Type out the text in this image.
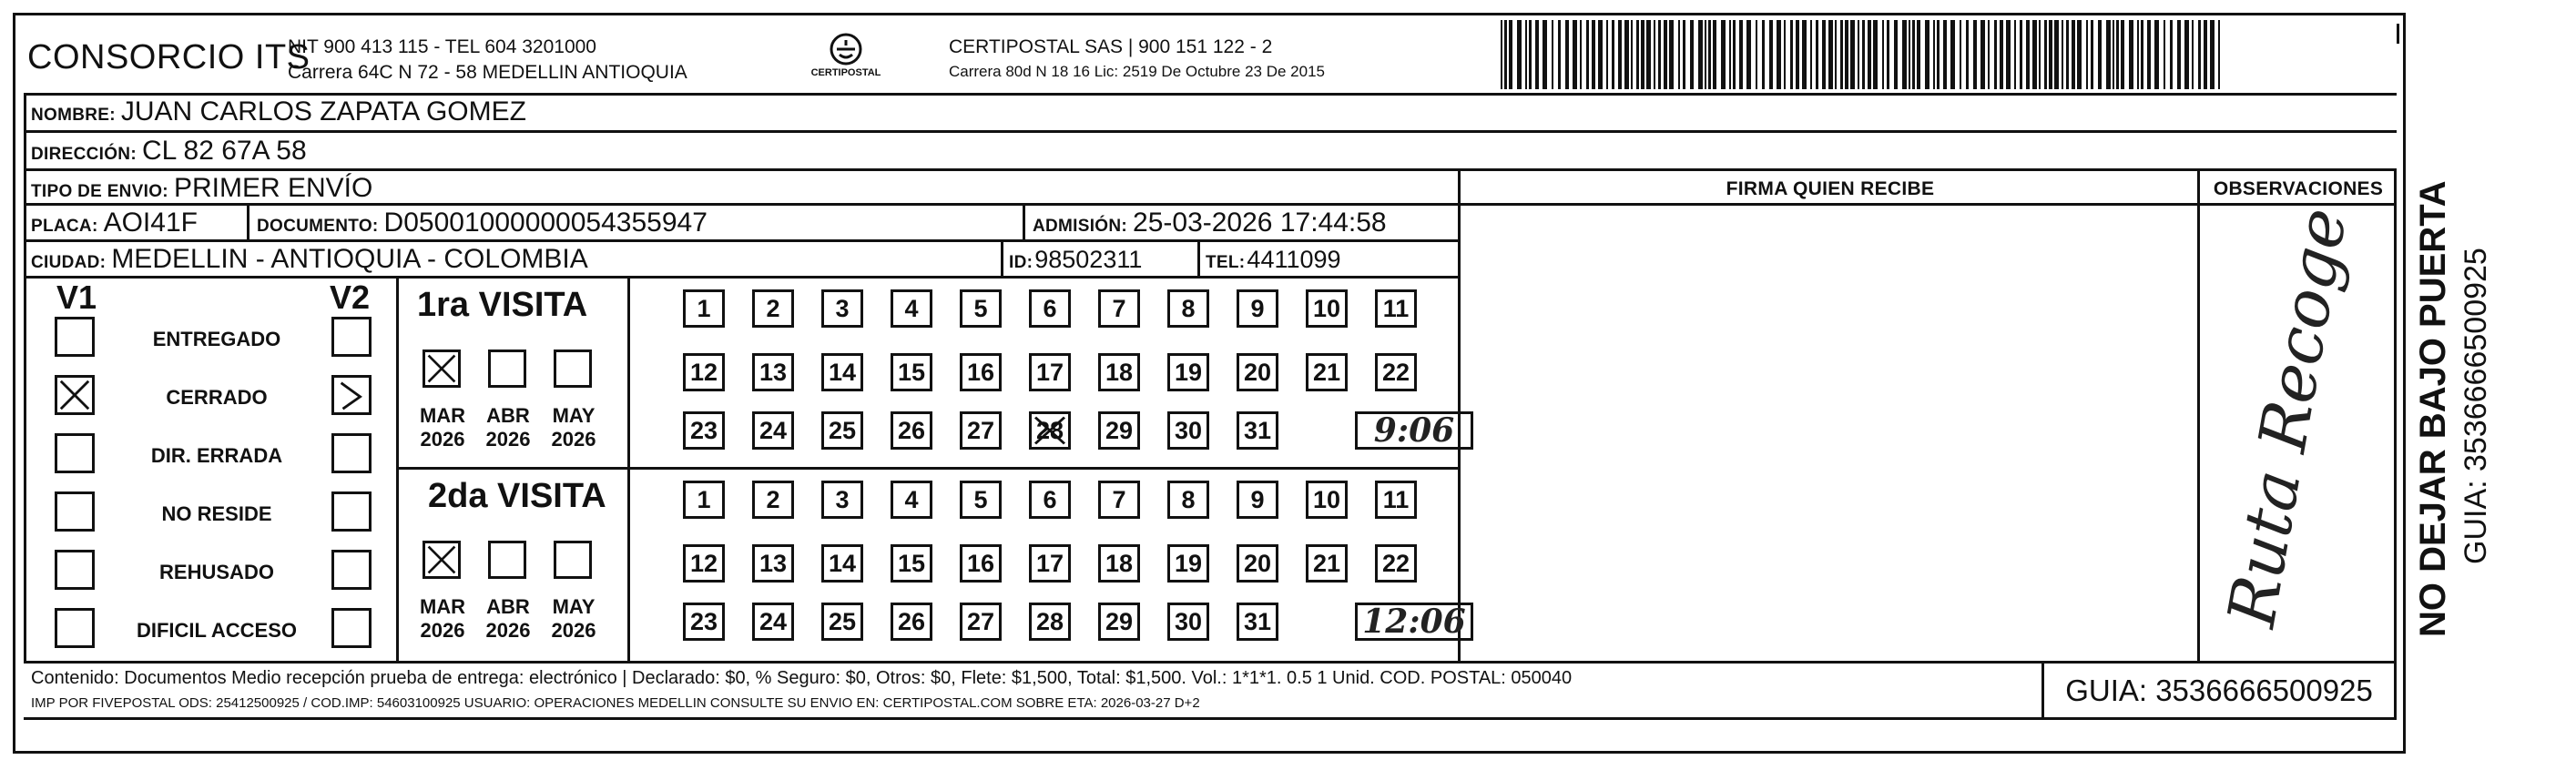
CONSORCIO ITS
NIT 900 413 115 - TEL 604 3201000
Carrera 64C N 72 - 58 MEDELLIN ANTIOQUIA	CERTIPOSTAL
CERTIPOSTAL SAS | 900 151 122 - 2
Carrera 80d N 18 16 Lic: 2519 De Octubre 23 De 2015
NOMBRE: JUAN CARLOS ZAPATA GOMEZ
DIRECCIÓN: CL 82 67A 58
TIPO DE ENVIO: PRIMER ENVÍO	FIRMA QUIEN RECIBE	OBSERVACIONES
PLACA: AOI41F	DOCUMENTO: D05001000000054355947	ADMISIÓN: 25-03-2026 17:44:58
CIUDAD: MEDELLIN - ANTIOQUIA - COLOMBIA	ID: 98502311	TEL: 4411099	Ruta Recoge
V1	V2
ENTREGADO
CERRADO
DIR. ERRADA
NO RESIDE
REHUSADO
DIFICIL ACCESO
1ra VISITA
MAR
2026
ABR
2026
MAY
2026
1 2 3 4 5 6 7 8 9 10 11
12 13 14 15 16 17 18 19 20 21 22
23 24 25 26 27 28 29 30 31	9:06
2da VISITA
MAR
2026
ABR
2026
MAY
2026
1 2 3 4 5 6 7 8 9 10 11
12 13 14 15 16 17 18 19 20 21 22
23 24 25 26 27 28 29 30 31	12:06
Contenido: Documentos Medio recepción prueba de entrega: electrónico | Declarado: $0, % Seguro: $0, Otros: $0, Flete: $1,500, Total: $1,500. Vol.: 1*1*1. 0.5 1 Unid. COD. POSTAL: 050040
IMP POR FIVEPOSTAL ODS: 25412500925 / COD.IMP: 54603100925 USUARIO: OPERACIONES MEDELLIN CONSULTE SU ENVIO EN: CERTIPOSTAL.COM SOBRE ETA: 2026-03-27 D+2	GUIA: 3536666500925
NO DEJAR BAJO PUERTA GUIA: 3536666500925
